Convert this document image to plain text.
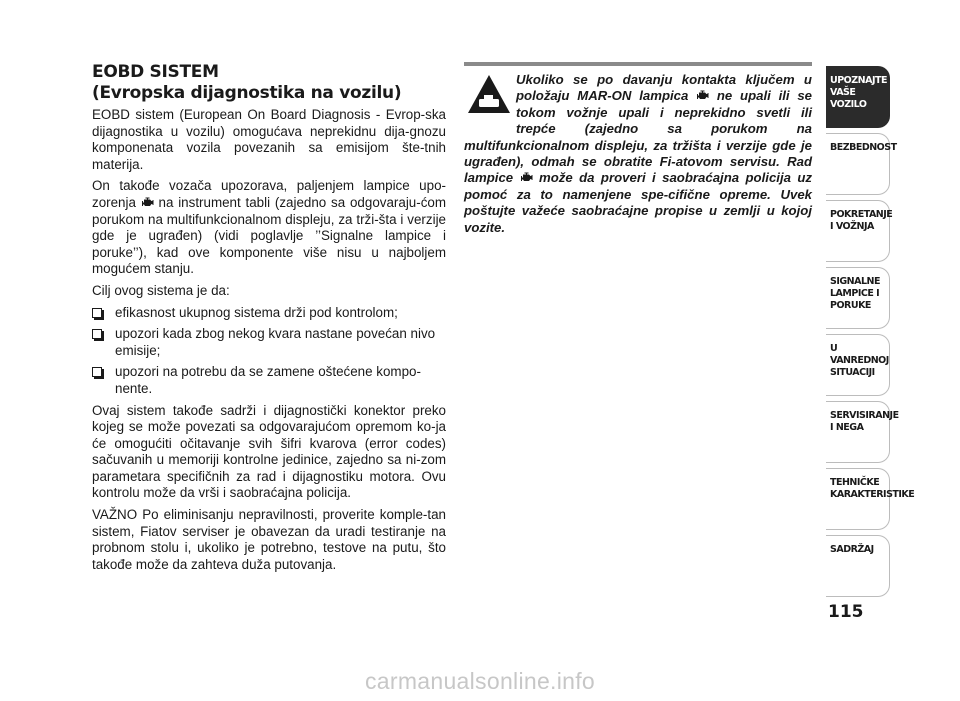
EOBD SISTEM
(Evropska dijagnostika na vozilu)

EOBD sistem (European On Board Diagnosis - Evrop-ska dijagnostika u vozilu) omogućava neprekidnu dija-gnozu komponenata vozila povezanih sa emisijom šte-tnih materija.

On takođe vozača upozorava, paljenjem lampice upo-zorenja  na instrument tabli (zajedno sa odgovaraju-ćom porukom na multifunkcionalnom displeju, za trži-šta i verzije gde je ugrađen) (vidi poglavlje ’’Signalne lampice i poruke’’), kad ove komponente više nisu u najboljem mogućem stanju.

Cilj ovog sistema je da:

efikasnost ukupnog sistema drži pod kontrolom;
upozori kada zbog nekog kvara nastane povećan nivo emisije;
upozori na potrebu da se zamene oštećene kompo-nente.

Ovaj sistem takođe sadrži i dijagnostički konektor preko kojeg se može povezati sa odgovarajućom opremom ko-ja će omogućiti očitavanje svih šifri kvarova (error codes) sačuvanih u memoriji kontrolne jedinice, zajedno sa ni-zom parametara specifičnih za rad i dijagnostiku motora. Ovu kontrolu može da vrši i saobraćajna policija.

VAŽNO Po eliminisanju nepravilnosti, proverite komple-tan sistem, Fiatov serviser je obavezan da uradi testiranje na probnom stolu i, ukoliko je potrebno, testove na putu, što takođe može da zahteva duža putovanja.

Ukoliko se po davanju kontakta ključem u položaju MAR-ON lampica  ne upali ili se tokom vožnje upali i neprekidno svetli ili trepće (zajedno sa porukom na multifunkcionalnom displeju, za tržišta i verzije gde je ugrađen), odmah se obratite Fi-atovom servisu. Rad lampice  može da proveri i saobraćajna policija uz pomoć za to namenjene spe-cifične opreme. Uvek poštujte važeće saobraćajne propise u zemlji u kojoj vozite.
UPOZNAJTE
VAŠE
VOZILO
BEZBEDNOST
POKRETANJE
I VOŽNJA
SIGNALNE
LAMPICE I PORUKE
U VANREDNOJ
SITUACIJI
SERVISIRANJE
I NEGA
TEHNIČKE
KARAKTERISTIKE
SADRŽAJ
115
carmanualsonline.info
